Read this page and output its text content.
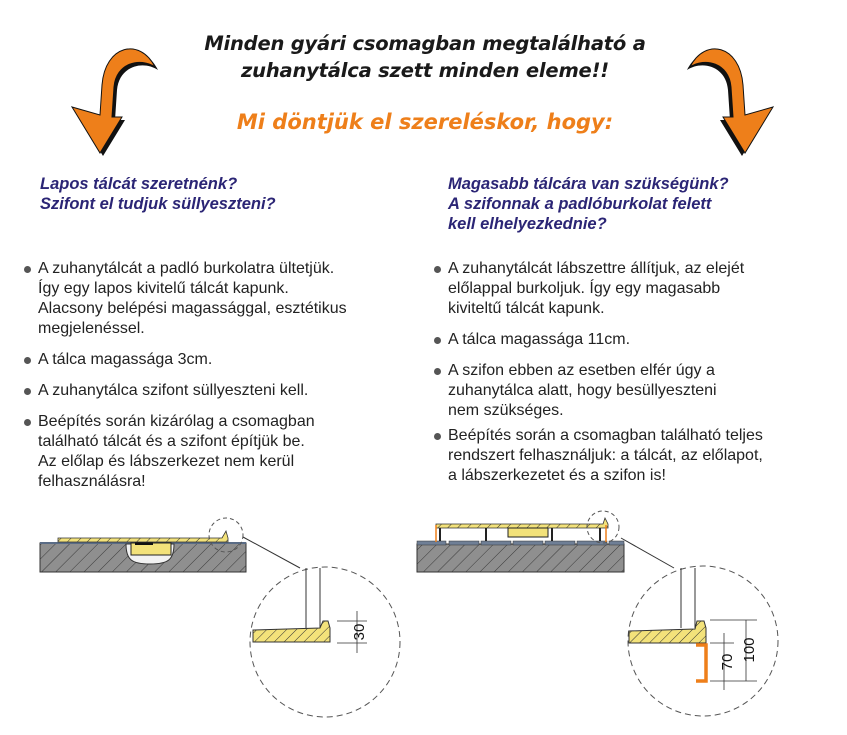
Minden gyári csomagban megtalálható a
zuhanytálca szett minden eleme!!
Mi döntjük el szereléskor, hogy:
Lapos tálcát szeretnénk?
Szifont el tudjuk süllyeszteni?
A zuhanytálcát a padló burkolatra ültetjük.
Így egy lapos kivitelű tálcát kapunk.
Alacsony belépési magassággal, esztétikus
megjelenéssel.
A tálca magassága 3cm.
A zuhanytálca szifont süllyeszteni kell.
Beépítés során kizárólag a csomagban
található tálcát és a szifont építjük be.
Az előlap és lábszerkezet nem kerül
felhasználásra!
Magasabb tálcára van szükségünk?
A szifonnak a padlóburkolat felett
kell elhelyezkednie?
A zuhanytálcát lábszettre állítjuk, az elejét
előlappal burkoljuk. Így egy magasabb
kiviteltű tálcát kapunk.
A tálca magassága 11cm.
A szifon ebben az esetben elfér úgy a
zuhanytálca alatt, hogy besüllyeszteni
nem szükséges.
Beépítés során a csomagban található teljes
rendszert felhasználjuk: a tálcát, az előlapot,
a lábszerkezetet és a szifon is!
30
70 100
